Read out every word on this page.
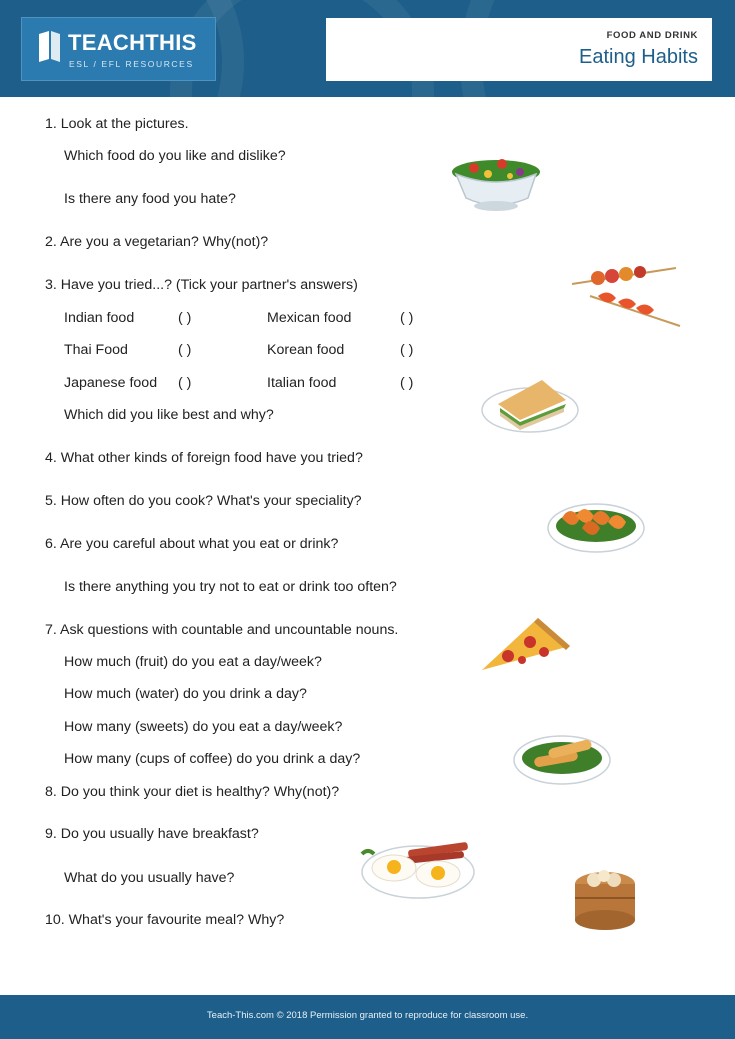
TEACHTHIS
ESL / EFL RESOURCES
FOOD AND DRINK
Eating Habits
1. Look at the pictures.
Which food do you like and dislike?
Is there any food you hate?
2. Are you a vegetarian? Why(not)?
3. Have you tried...? (Tick your partner's answers)
Indian food	( )	Mexican food	( )
Thai Food	( )	Korean food	( )
Japanese food ( )	Italian food	( )
Which did you like best and why?
4. What other kinds of foreign food have you tried?
5. How often do you cook? What's your speciality?
6. Are you careful about what you eat or drink?
Is there anything you try not to eat or drink too often?
7. Ask questions with countable and uncountable nouns.
How much (fruit) do you eat a day/week?
How much (water) do you drink a day?
How many (sweets) do you eat a day/week?
How many (cups of coffee) do you drink a day?
8. Do you think your diet is healthy? Why(not)?
9. Do you usually have breakfast?
What do you usually have?
10. What's your favourite meal? Why?
Teach-This.com © 2018 Permission granted to reproduce for classroom use.
